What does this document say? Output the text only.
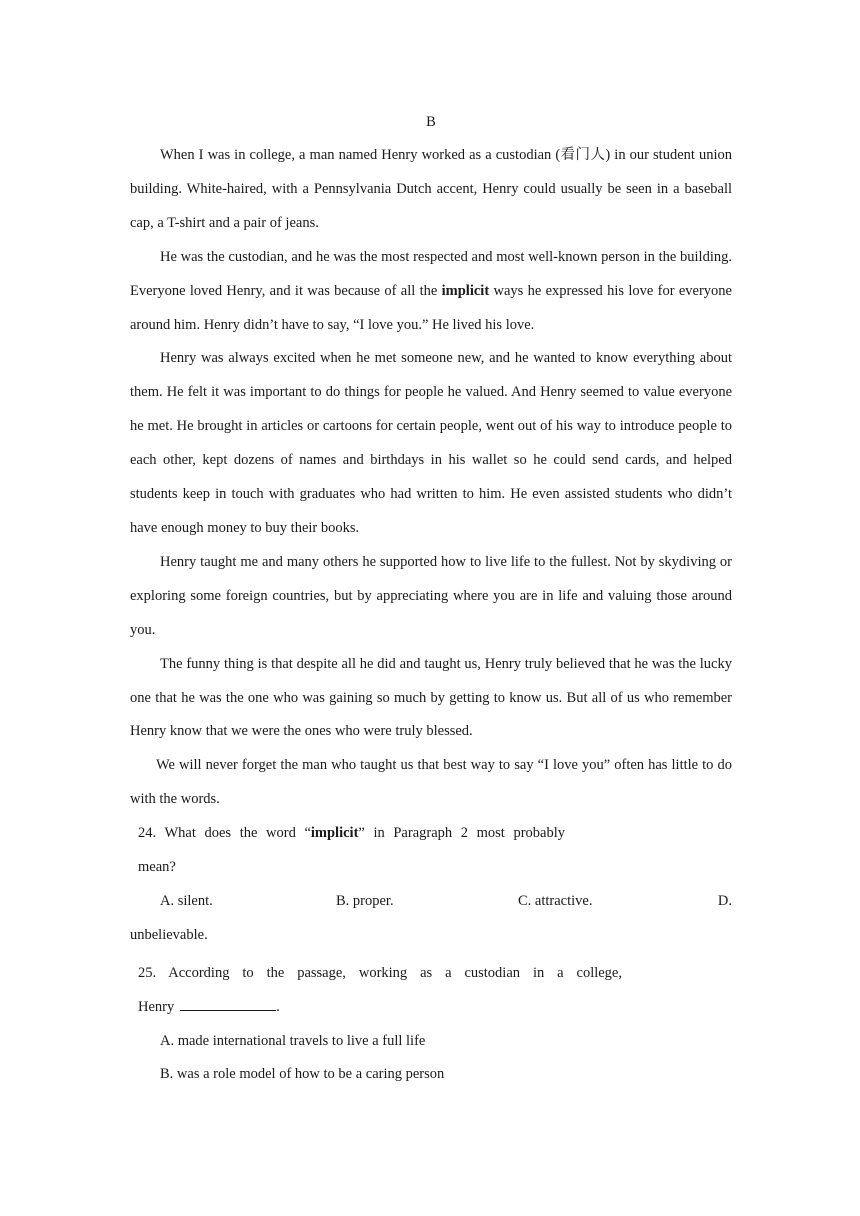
B

When I was in college, a man named Henry worked as a custodian (看门人) in our student union building. White-haired, with a Pennsylvania Dutch accent, Henry could usually be seen in a baseball cap, a T-shirt and a pair of jeans.

He was the custodian, and he was the most respected and most well-known person in the building. Everyone loved Henry, and it was because of all the implicit ways he expressed his love for everyone around him. Henry didn’t have to say, “I love you.” He lived his love.

Henry was always excited when he met someone new, and he wanted to know everything about them. He felt it was important to do things for people he valued. And Henry seemed to value everyone he met. He brought in articles or cartoons for certain people, went out of his way to introduce people to each other, kept dozens of names and birthdays in his wallet so he could send cards, and helped students keep in touch with graduates who had written to him. He even assisted students who didn’t have enough money to buy their books.

Henry taught me and many others he supported how to live life to the fullest. Not by skydiving or exploring some foreign countries, but by appreciating where you are in life and valuing those around you.

The funny thing is that despite all he did and taught us, Henry truly believed that he was the lucky one that he was the one who was gaining so much by getting to know us. But all of us who remember Henry know that we were the ones who were truly blessed.

We will never forget the man who taught us that best way to say “I love you” often has little to do with the words.

24. What does the word “implicit” in Paragraph 2 most probably
mean?
A. silent.	B. proper.	C. attractive.	D.
unbelievable.
25. According to the passage, working as a custodian in a college,
Henry	.
A. made international travels to live a full life
B. was a role model of how to be a caring person
